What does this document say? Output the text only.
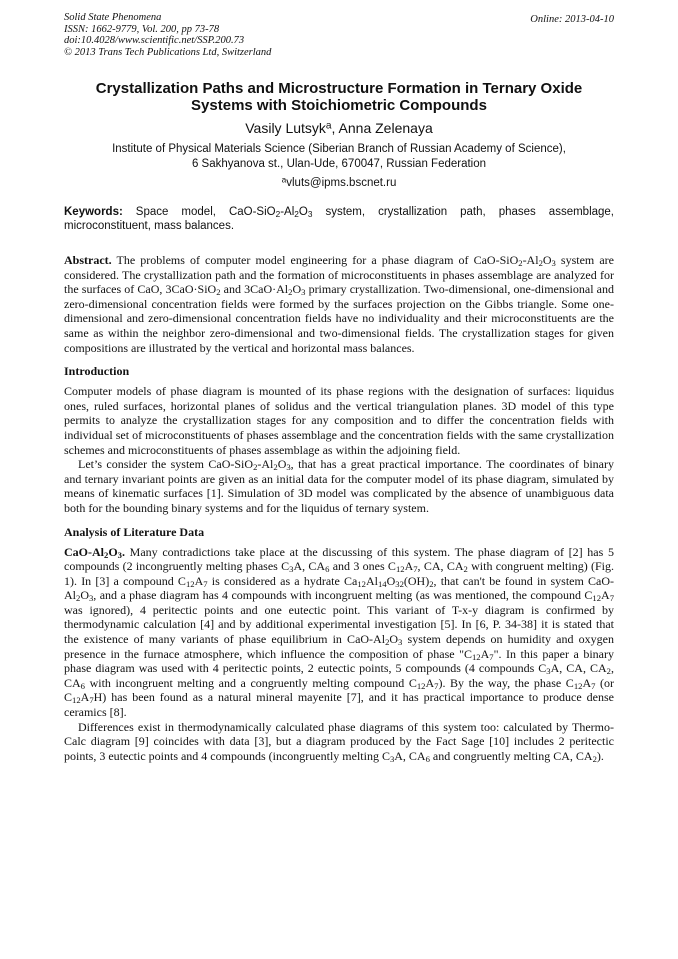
Solid State Phenomena
ISSN: 1662-9779, Vol. 200, pp 73-78
doi:10.4028/www.scientific.net/SSP.200.73
© 2013 Trans Tech Publications Ltd, Switzerland
Online: 2013-04-10
Crystallization Paths and Microstructure Formation in Ternary Oxide
Systems with Stoichiometric Compounds
Vasily Lutsyk$^a$, Anna Zelenaya
Institute of Physical Materials Science (Siberian Branch of Russian Academy of Science),
6 Sakhyanova st., Ulan-Ude, 670047, Russian Federation
$^a$vluts@ipms.bscnet.ru

Keywords: Space model, CaO-$SiO_2-Al_2O_3$ system, crystallization path, phases assemblage, microconstituent, mass balances.

Abstract. The problems of computer model engineering for a phase diagram of CaO-$SiO_2-Al_2O_3$ system are considered. The crystallization path and the formation of microconstituents in phases assemblage are analyzed for the surfaces of CaO, 3CaO·SiO$_2$ and $3CaO\cdot Al_2O_3$ primary crystallization. Two-dimensional, one-dimensional and zero-dimensional concentration fields were formed by the surfaces projection on the Gibbs triangle. Some one-dimensional and zero-dimensional concentration fields have no individuality and their microconstituents are the same as within the neighbor zero-dimensional and two-dimensional fields. The crystallization stages for given compositions are illustrated by the vertical and horizontal mass balances.

Introduction

Computer models of phase diagram is mounted of its phase regions with the designation of surfaces: liquidus ones, ruled surfaces, horizontal planes of solidus and the vertical triangulation planes. 3D model of this type permits to analyze the crystallization stages for any composition and to differ the concentration fields with individual set of microconstituents of phases assemblage and the concentration fields with the same crystallization schemes and microconstituents of phases assemblage as within the adjoining field.

Let’s consider the system CaO-$SiO_2-Al_2O_3$, that has a great practical importance. The coordinates of binary and ternary invariant points are given as an initial data for the computer model of its phase diagram, simulated by means of kinematic surfaces [1]. Simulation of 3D model was complicated by the absence of unambiguous data both for the bounding binary systems and for the liquidus of ternary system.

Analysis of Literature Data

CaO-$Al_2O_3$. Many contradictions take place at the discussing of this system. The phase diagram of [2] has 5 compounds (2 incongruently melting phases $C_3A$, $CA_6$ and 3 ones $C_{12}A_7$, CA, $CA_2$ with congruent melting) (Fig. 1). In [3] a compound $C_{12}A_7$ is considered as a hydrate $Ca_{12}Al_{14}O_{32}(OH)_2$, that can't be found in system CaO-$Al_2O_3$, and a phase diagram has 4 compounds with incongruent melting (as was mentioned, the compound $C_{12}A_7$ was ignored), 4 peritectic points and one eutectic point. This variant of T-x-y diagram is confirmed by thermodynamic calculation [4] and by additional experimental investigation [5]. In [6, P. 34-38] it is stated that the existence of many variants of phase equilibrium in CaO-$Al_2O_3$ system depends on humidity and oxygen presence in the furnace atmosphere, which influence the composition of phase "$C_{12}A_7$". In this paper a binary phase diagram was used with 4 peritectic points, 2 eutectic points, 5 compounds (4 compounds $C_3A$, CA, $CA_2$, $CA_6$ with incongruent melting and a congruently melting compound $C_{12}A_7$). By the way, the phase $C_{12}A_7$ (or $C_{12}A_7H$) has been found as a natural mineral mayenite [7], and it has practical importance to produce dense ceramics [8].

Differences exist in thermodynamically calculated phase diagrams of this system too: calculated by Thermo-Calc diagram [9] coincides with data [3], but a diagram produced by the Fact Sage [10] includes 2 peritectic points, 3 eutectic points and 4 compounds (incongruently melting $C_3A$, $CA_6$ and congruently melting CA, $CA_2$).
